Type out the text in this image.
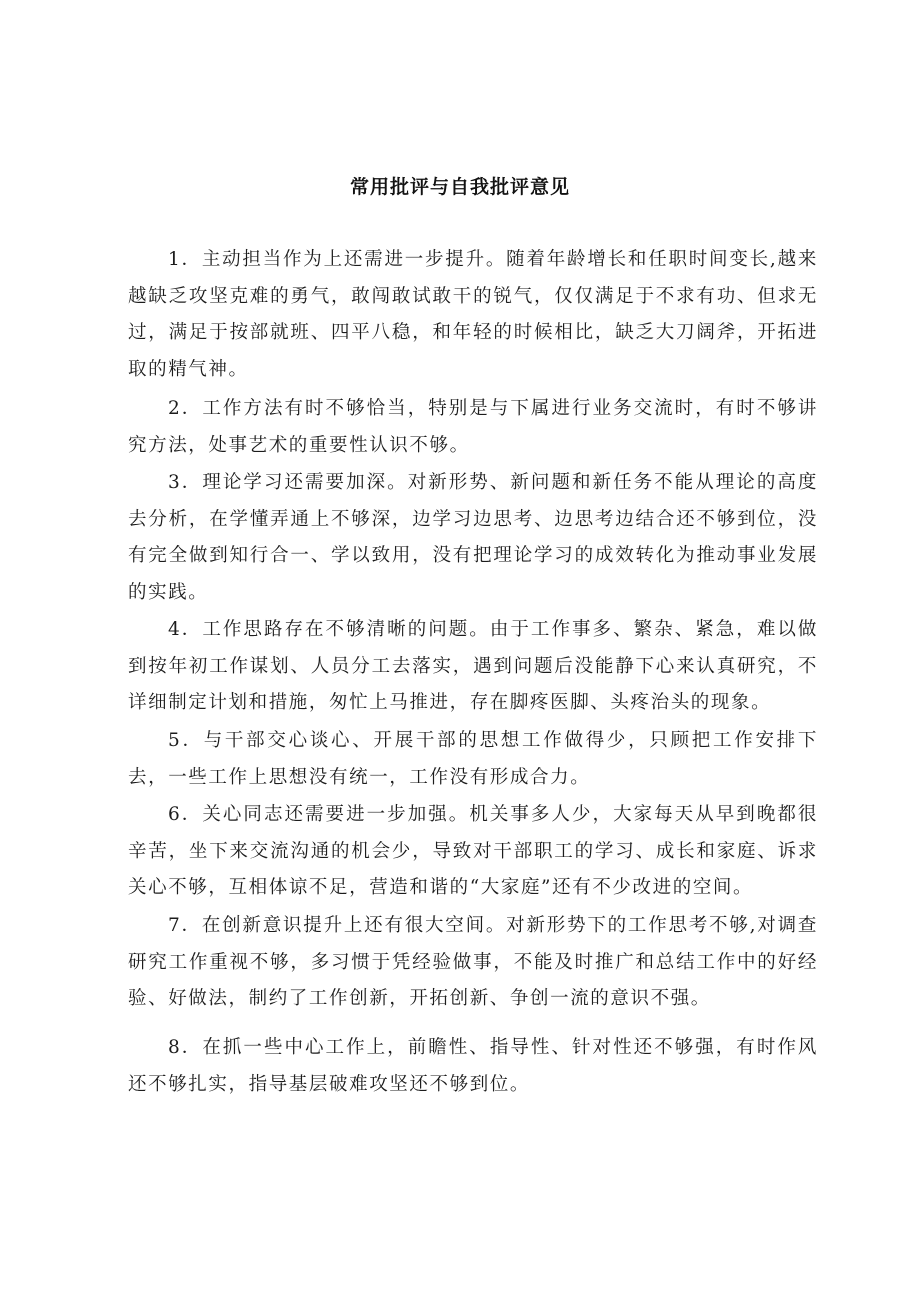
常用批评与自我批评意见

1．主动担当作为上还需进一步提升。随着年龄增长和任职时间变长,越来越缺乏攻坚克难的勇气，敢闯敢试敢干的锐气，仅仅满足于不求有功、但求无过，满足于按部就班、四平八稳，和年轻的时候相比，缺乏大刀阔斧，开拓进取的精气神。

2．工作方法有时不够恰当，特别是与下属进行业务交流时，有时不够讲究方法，处事艺术的重要性认识不够。

3．理论学习还需要加深。对新形势、新问题和新任务不能从理论的高度去分析，在学懂弄通上不够深，边学习边思考、边思考边结合还不够到位，没有完全做到知行合一、学以致用，没有把理论学习的成效转化为推动事业发展的实践。

4．工作思路存在不够清晰的问题。由于工作事多、繁杂、紧急，难以做到按年初工作谋划、人员分工去落实，遇到问题后没能静下心来认真研究，不详细制定计划和措施，匆忙上马推进，存在脚疼医脚、头疼治头的现象。

5．与干部交心谈心、开展干部的思想工作做得少，只顾把工作安排下去，一些工作上思想没有统一，工作没有形成合力。

6．关心同志还需要进一步加强。机关事多人少，大家每天从早到晚都很辛苦，坐下来交流沟通的机会少，导致对干部职工的学习、成长和家庭、诉求关心不够，互相体谅不足，营造和谐的“大家庭”还有不少改进的空间。

7．在创新意识提升上还有很大空间。对新形势下的工作思考不够,对调查研究工作重视不够，多习惯于凭经验做事，不能及时推广和总结工作中的好经验、好做法，制约了工作创新，开拓创新、争创一流的意识不强。

8．在抓一些中心工作上，前瞻性、指导性、针对性还不够强，有时作风还不够扎实，指导基层破难攻坚还不够到位。
